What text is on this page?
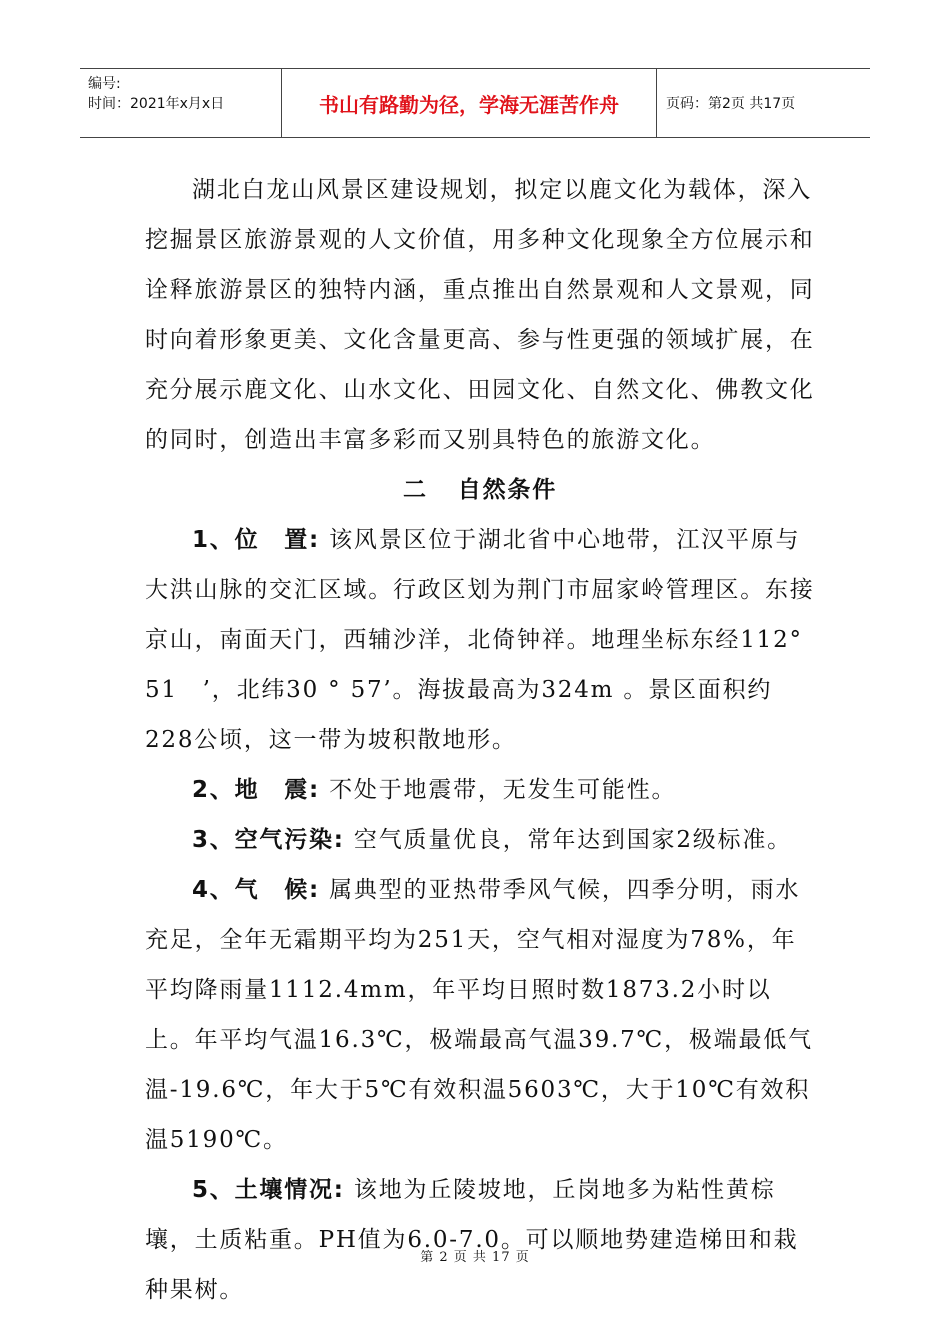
编号:
时间：2021年x月x日	书山有路勤为径，学海无涯苦作舟	页码：第2页 共17页

湖北白龙山风景区建设规划，拟定以鹿文化为载体，深入挖掘景区旅游景观的人文价值，用多种文化现象全方位展示和诠释旅游景区的独特内涵，重点推出自然景观和人文景观，同时向着形象更美、文化含量更高、参与性更强的领域扩展，在充分展示鹿文化、山水文化、田园文化、自然文化、佛教文化的同时，创造出丰富多彩而又别具特色的旅游文化。

二 自然条件

1、位　置: 该风景区位于湖北省中心地带，江汉平原与大洪山脉的交汇区域。行政区划为荆门市屈家岭管理区。东接京山，南面天门，西辅沙洋，北倚钟祥。地理坐标东经112°　51　’，北纬30 ° 57’。海拔最高为324m 。景区面积约228公顷，这一带为坡积散地形。

2、地　震: 不处于地震带，无发生可能性。

3、空气污染: 空气质量优良，常年达到国家2级标准。

4、气　候: 属典型的亚热带季风气候，四季分明，雨水充足，全年无霜期平均为251天，空气相对湿度为78%，年平均降雨量1112.4mm，年平均日照时数1873.2小时以上。年平均气温16.3℃，极端最高气温39.7℃，极端最低气温-19.6℃，年大于5℃有效积温5603℃，大于10℃有效积温5190℃。

5、土壤情况: 该地为丘陵坡地，丘岗地多为粘性黄棕壤，土质粘重。PH值为6.0-7.0。可以顺地势建造梯田和栽种果树。

第 2 页 共 17 页
